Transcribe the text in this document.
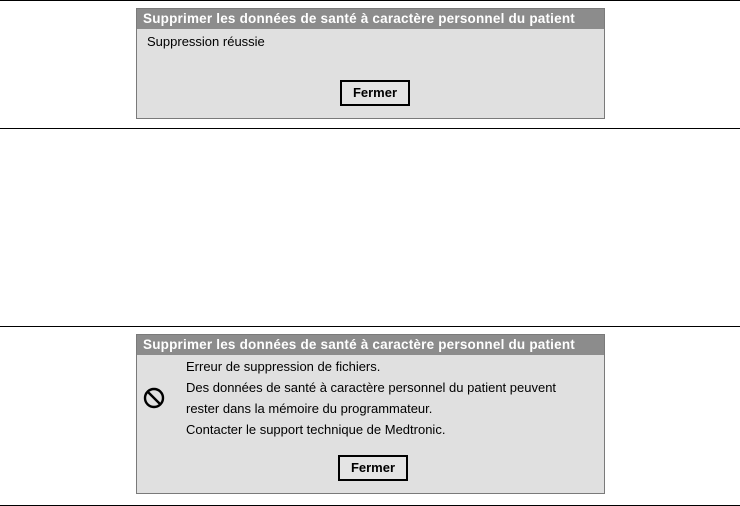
Supprimer les données de santé à caractère personnel du patient
Suppression réussie
Fermer
Supprimer les données de santé à caractère personnel du patient
Erreur de suppression de fichiers.
Des données de santé à caractère personnel du patient peuvent
rester dans la mémoire du programmateur.
Contacter le support technique de Medtronic.
Fermer
